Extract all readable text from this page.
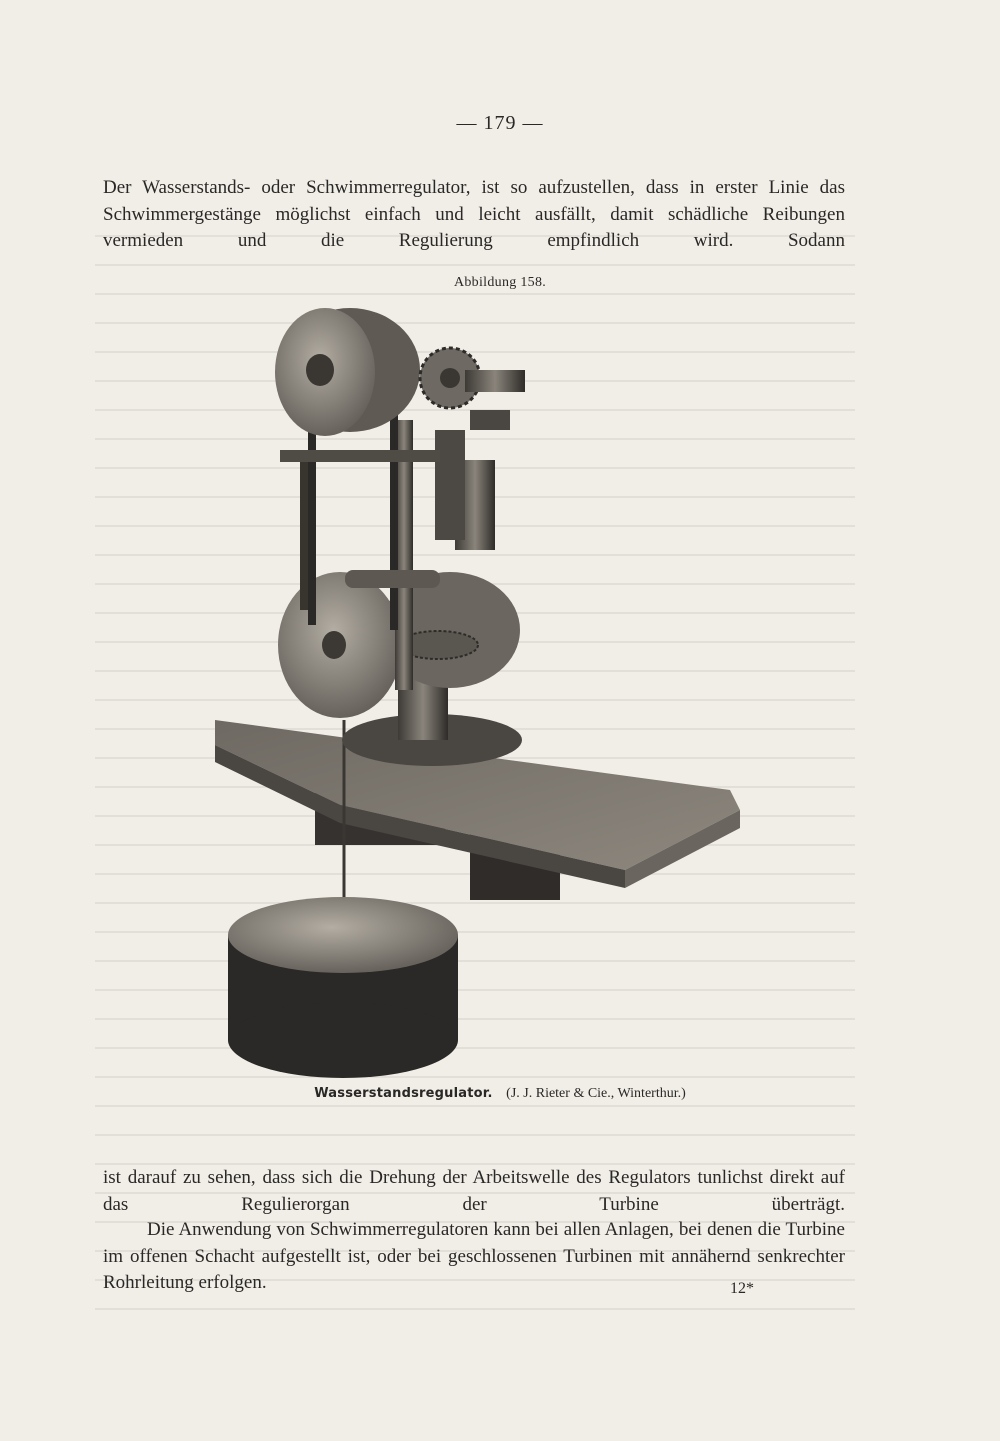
— 179 —

Der Wasserstands- oder Schwimmerregulator, ist so aufzustellen, dass in erster Linie das Schwimmergestänge möglichst einfach und leicht ausfällt, damit schädliche Reibungen vermieden und die Regulierung empfindlich wird. Sodann

Abbildung 158.
Wasserstandsregulator. (J. J. Rieter & Cie., Winterthur.)

ist darauf zu sehen, dass sich die Drehung der Arbeitswelle des Regulators tunlichst direkt auf das Regulierorgan der Turbine überträgt.

Die Anwendung von Schwimmerregulatoren kann bei allen Anlagen, bei denen die Turbine im offenen Schacht aufgestellt ist, oder bei geschlossenen Turbinen mit annähernd senkrechter Rohrleitung erfolgen.	12*
